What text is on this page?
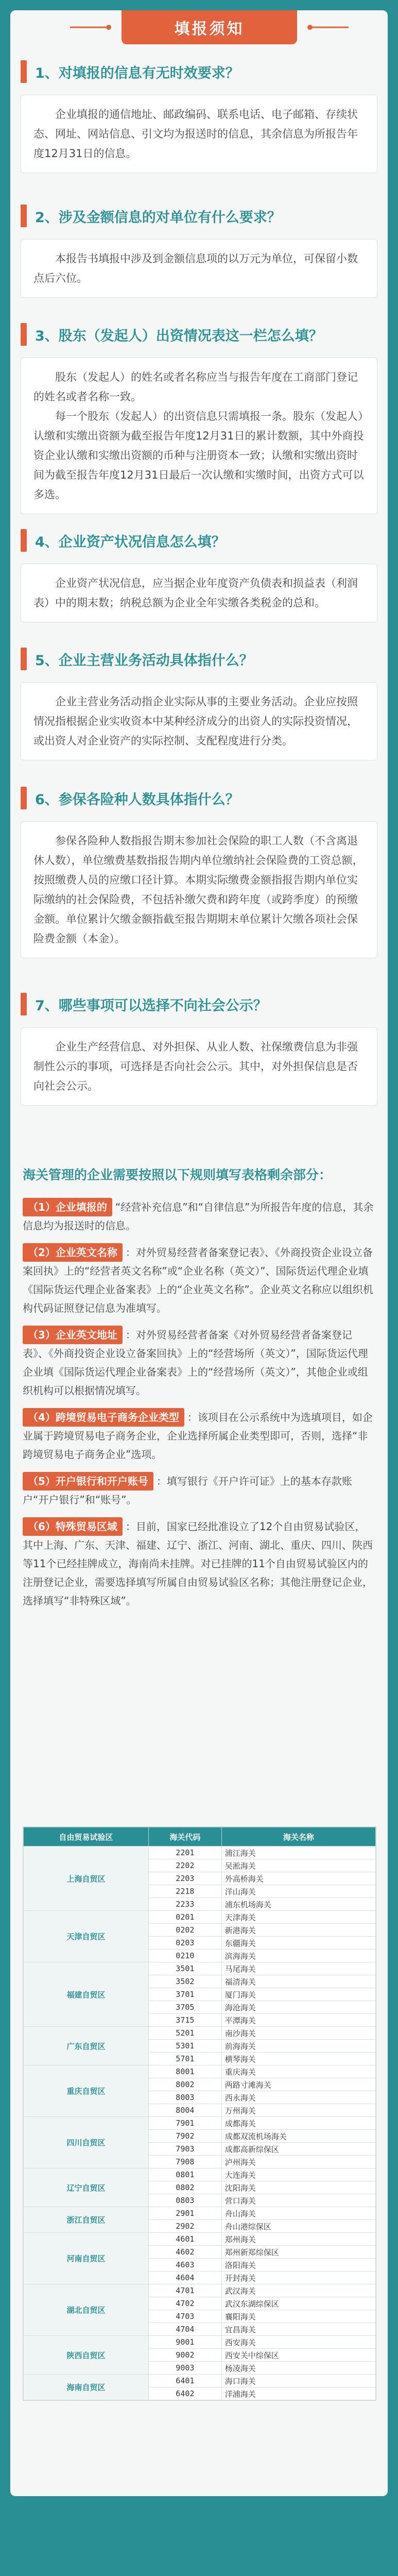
填报须知
1、对填报的信息有无时效要求？

企业填报的通信地址、邮政编码、联系电话、电子邮箱、存续状态、网址、网站信息、引文均为报送时的信息，其余信息为所报告年度12月31日的信息。

2、涉及金额信息的对单位有什么要求？

本报告书填报中涉及到金额信息项的以万元为单位，可保留小数点后六位。

3、股东（发起人）出资情况表这一栏怎么填？

股东（发起人）的姓名或者名称应当与报告年度在工商部门登记的姓名或者名称一致。

每一个股东（发起人）的出资信息只需填报一条。股东（发起人）认缴和实缴出资额为截至报告年度12月31日的累计数额，其中外商投资企业认缴和实缴出资额的币种与注册资本一致；认缴和实缴出资时间为截至报告年度12月31日最后一次认缴和实缴时间，出资方式可以多选。

4、企业资产状况信息怎么填？

企业资产状况信息，应当据企业年度资产负债表和损益表（利润表）中的期末数；纳税总额为企业全年实缴各类税金的总和。

5、企业主营业务活动具体指什么？

企业主营业务活动指企业实际从事的主要业务活动。企业应按照情况指根据企业实收资本中某种经济成分的出资人的实际投资情况，或出资人对企业资产的实际控制、支配程度进行分类。

6、参保各险种人数具体指什么？

参保各险种人数指报告期末参加社会保险的职工人数（不含离退休人数），单位缴费基数指报告期内单位缴纳社会保险费的工资总额，按照缴费人员的应缴口径计算。本期实际缴费金额指报告期内单位实际缴纳的社会保险费，不包括补缴欠费和跨年度（或跨季度）的预缴金额。单位累计欠缴金额指截至报告期期末单位累计欠缴各项社会保险费金额（本金）。

7、哪些事项可以选择不向社会公示？

企业生产经营信息、对外担保、从业人数、社保缴费信息为非强制性公示的事项，可选择是否向社会公示。其中，对外担保信息是否向社会公示。

海关管理的企业需要按照以下规则填写表格剩余部分：
（1）企业填报的 “经营补充信息”和“自律信息”为所报告年度的信息，其余信息均为报送时的信息。
（2）企业英文名称 ：对外贸易经营者备案登记表》、《外商投资企业设立备案回执》上的“经营者英文名称”或“企业名称（英文）”、国际货运代理企业填《国际货运代理企业备案表》上的“企业英文名称”。企业英文名称应以组织机构代码证照登记信息为准填写。
（3）企业英文地址 ：对外贸易经营者备案《对外贸易经营者备案登记表》、《外商投资企业设立备案回执》上的“经营场所（英文）”，国际货运代理企业填《国际货运代理企业备案表》上的“经营场所（英文）”，其他企业或组织机构可以根据情况填写。
（4）跨境贸易电子商务企业类型 ：该项目在公示系统中为选填项目，如企业属于跨境贸易电子商务企业，企业选择所属企业类型即可，否则，选择“非跨境贸易电子商务企业”选项。
（5）开户银行和开户账号 ：填写银行《开户许可证》上的基本存款账户“开户银行”和“账号”。
（6）特殊贸易区域 ：目前，国家已经批准设立了12个自由贸易试验区，其中上海、广东、天津、福建、辽宁、浙江、河南、湖北、重庆、四川、陕西等11个已经挂牌成立，海南尚未挂牌。对已挂牌的11个自由贸易试验区内的注册登记企业，需要选择填写所属自由贸易试验区名称；其他注册登记企业，选择填写“非特殊区域”。
自由贸易试验区	海关代码	海关名称
上海自贸区	2201	浦江海关
	2202	吴淞海关
	2203	外高桥海关
	2218	洋山海关
	2233	浦东机场海关
天津自贸区	0201	天津海关
	0202	新港海关
	0203	东疆海关
	0210	滨海海关
福建自贸区	3501	马尾海关
	3502	福清海关
	3701	厦门海关
	3705	海沧海关
	3715	平潭海关
广东自贸区	5201	南沙海关
	5301	前海海关
	5701	横琴海关
重庆自贸区	8001	重庆海关
	8002	两路寸滩海关
	8003	西永海关
	8004	万州海关
四川自贸区	7901	成都海关
	7902	成都双流机场海关
	7903	成都高新综保区
	7908	泸州海关
辽宁自贸区	0801	大连海关
	0802	沈阳海关
	0803	营口海关
浙江自贸区	2901	舟山海关
	2902	舟山港综保区
河南自贸区	4601	郑州海关
	4602	郑州新郑综保区
	4603	洛阳海关
	4604	开封海关
湖北自贸区	4701	武汉海关
	4702	武汉东湖综保区
	4703	襄阳海关
	4704	宜昌海关
陕西自贸区	9001	西安海关
	9002	西安关中综保区
	9003	杨凌海关
海南自贸区	6401	海口海关
	6402	洋浦海关
